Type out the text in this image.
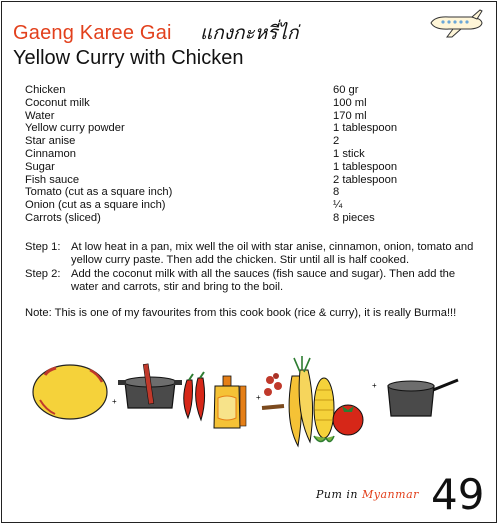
Gaeng Karee Gai แกงกะหรี่ไก่
Yellow Curry with Chicken
Chicken	60 gr
Coconut milk	100 ml
Water	170 ml
Yellow curry powder	1 tablespoon
Star anise	2
Cinnamon	1 stick
Sugar	1 tablespoon
Fish sauce	2 tablespoon
Tomato (cut as a square inch)	8
Onion (cut as a square inch)	¼
Carrots (sliced)	8 pieces
Step 1: At low heat in a pan, mix well the oil with star anise, cinnamon, onion, tomato and yellow curry paste. Then add the chicken. Stir until all is half cooked.
Step 2: Add the coconut milk with all the sauces (fish sauce and sugar). Then add the water and carrots, stir and bring to the boil.
Note: This is one of my favourites from this cook book (rice & curry), it is really Burma!!!
+	+
+
Pum in Myanmar 49
